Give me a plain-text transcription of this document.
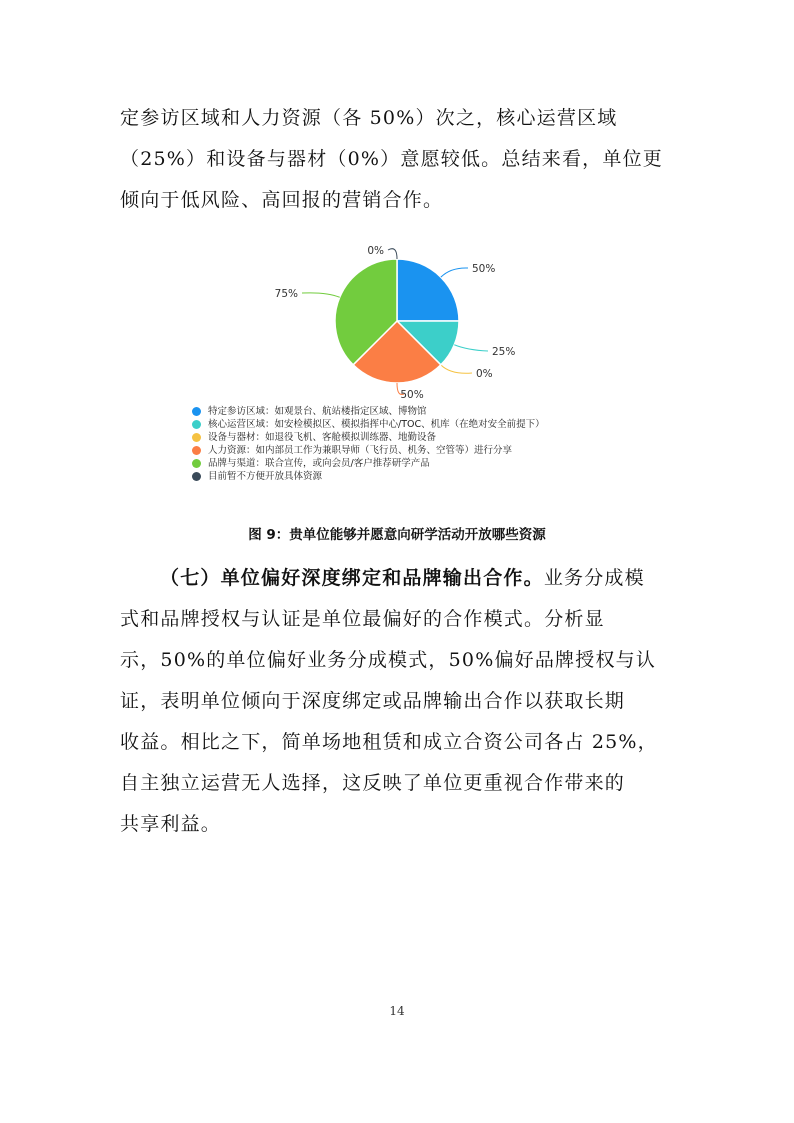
定参访区域和人力资源（各 50%）次之，核心运营区域
（25%）和设备与器材（0%）意愿较低。总结来看，单位更
倾向于低风险、高回报的营销合作。
50%
25%
0%
50%
75%
0%
特定参访区域：如观景台、航站楼指定区域、博物馆
核心运营区域：如安检模拟区、模拟指挥中心/TOC、机库（在绝对安全前提下）
设备与器材：如退役飞机、客舱模拟训练器、地勤设备
人力资源：如内部员工作为兼职导师（飞行员、机务、空管等）进行分享
品牌与渠道：联合宣传，或向会员/客户推荐研学产品
目前暂不方便开放具体资源
图 9：贵单位能够并愿意向研学活动开放哪些资源
（七）单位偏好深度绑定和品牌输出合作。业务分成模
式和品牌授权与认证是单位最偏好的合作模式。分析显
示，50%的单位偏好业务分成模式，50%偏好品牌授权与认
证，表明单位倾向于深度绑定或品牌输出合作以获取长期
收益。相比之下，简单场地租赁和成立合资公司各占 25%，
自主独立运营无人选择，这反映了单位更重视合作带来的
共享利益。
14
